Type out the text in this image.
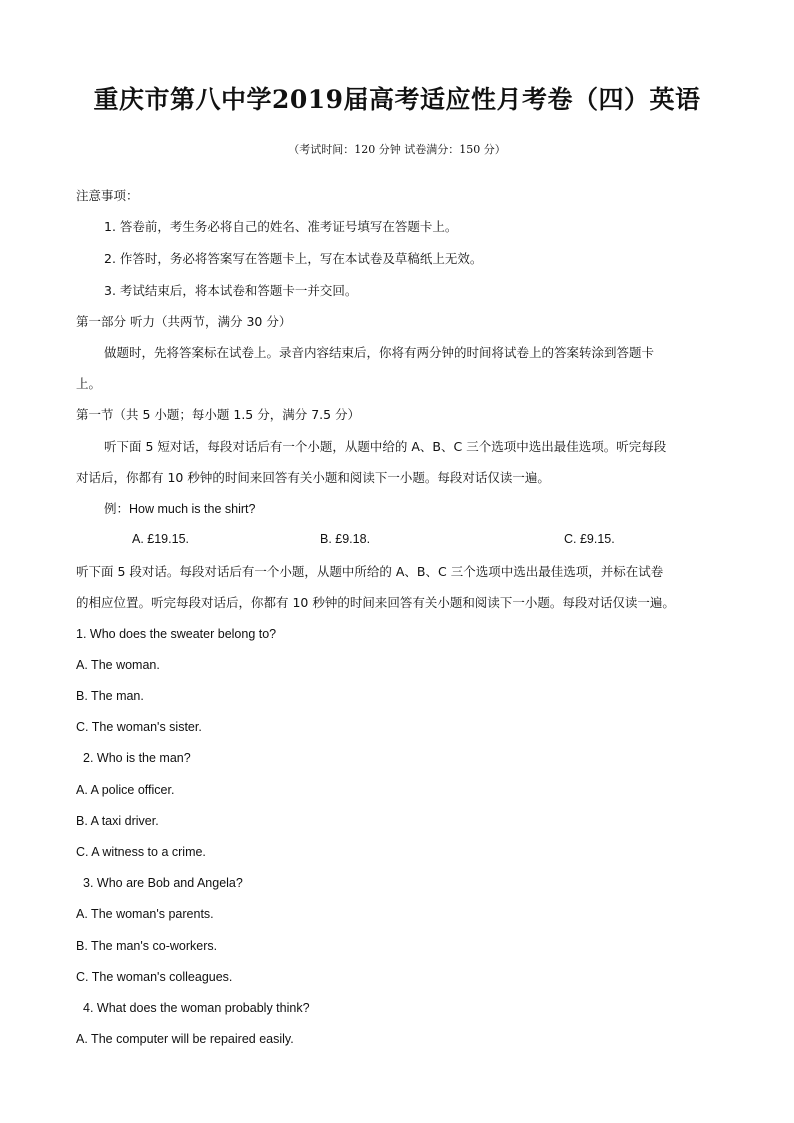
重庆市第八中学2019届高考适应性月考卷（四）英语
（考试时间：120 分钟 试卷满分：150 分）
注意事项：
1. 答卷前，考生务必将自己的姓名、准考证号填写在答题卡上。
2. 作答时，务必将答案写在答题卡上，写在本试卷及草稿纸上无效。
3. 考试结束后，将本试卷和答题卡一并交回。
第一部分 听力（共两节，满分 30 分）
做题时，先将答案标在试卷上。录音内容结束后，你将有两分钟的时间将试卷上的答案转涂到答题卡
上。
第一节（共 5 小题；每小题 1.5 分，满分 7.5 分）
听下面 5 短对话，每段对话后有一个小题，从题中给的 A、B、C 三个选项中选出最佳选项。听完每段
对话后，你都有 10 秒钟的时间来回答有关小题和阅读下一小题。每段对话仅读一遍。
例：How much is the shirt?
A. £19.15.	B. £9.18.	C. £9.15.
听下面 5 段对话。每段对话后有一个小题，从题中所给的 A、B、C 三个选项中选出最佳选项，并标在试卷
的相应位置。听完每段对话后，你都有 10 秒钟的时间来回答有关小题和阅读下一小题。每段对话仅读一遍。
1. Who does the sweater belong to?
A. The woman.
B. The man.
C. The woman's sister.
2. Who is the man?
A. A police officer.
B. A taxi driver.
C. A witness to a crime.
3. Who are Bob and Angela?
A. The woman's parents.
B. The man's co-workers.
C. The woman's colleagues.
4. What does the woman probably think?
A. The computer will be repaired easily.
